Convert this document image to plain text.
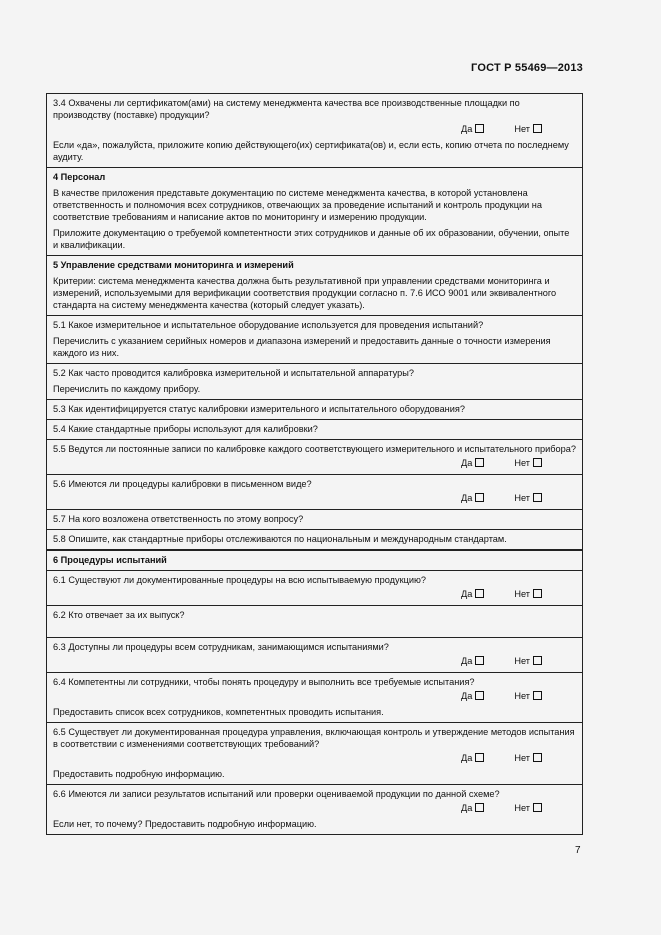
ГОСТ Р 55469—2013
3.4 Охвачены ли сертификатом(ами) на систему менеджмента качества все производственные площадки по производству (поставке) продукции?
Да	Нет
Если «да», пожалуйста, приложите копию действующего(их) сертификата(ов) и, если есть, копию отчета по последнему аудиту.
4 Персонал
В качестве приложения представьте документацию по системе менеджмента качества, в которой установлена ответственность и полномочия всех сотрудников, отвечающих за проведение испытаний и контроль продукции на соответствие требованиям и написание актов по мониторингу и измерению продукции.
Приложите документацию о требуемой компетентности этих сотрудников и данные об их образовании, обучении, опыте и квалификации.
5 Управление средствами мониторинга и измерений
Критерии: система менеджмента качества должна быть результативной при управлении средствами мониторинга и измерений, используемыми для верификации соответствия продукции согласно п. 7.6 ИСО 9001 или эквивалентного стандарта на систему менеджмента качества (который следует указать).
5.1 Какое измерительное и испытательное оборудование используется для проведения испытаний?
Перечислить с указанием серийных номеров и диапазона измерений и предоставить данные о точности измерения каждого из них.
5.2 Как часто проводится калибровка измерительной и испытательной аппаратуры?
Перечислить по каждому прибору.
5.3 Как идентифицируется статус калибровки измерительного и испытательного оборудования?
5.4 Какие стандартные приборы используют для калибровки?
5.5 Ведутся ли постоянные записи по калибровке каждого соответствующего измерительного и испытательного прибора?
Да	Нет
5.6 Имеются ли процедуры калибровки в письменном виде?
Да	Нет
5.7 На кого возложена ответственность по этому вопросу?
5.8 Опишите, как стандартные приборы отслеживаются по национальным и международным стандартам.
6 Процедуры испытаний
6.1 Существуют ли документированные процедуры на всю испытываемую продукцию?
Да	Нет
6.2 Кто отвечает за их выпуск?
6.3 Доступны ли процедуры всем сотрудникам, занимающимся испытаниями?
Да	Нет
6.4 Компетентны ли сотрудники, чтобы понять процедуру и выполнить все требуемые испытания?
Да	Нет
Предоставить список всех сотрудников, компетентных проводить испытания.
6.5 Существует ли документированная процедура управления, включающая контроль и утверждение методов испытания в соответствии с изменениями соответствующих требований?
Да	Нет
Предоставить подробную информацию.
6.6 Имеются ли записи результатов испытаний или проверки оцениваемой продукции по данной схеме?
Да	Нет
Если нет, то почему? Предоставить подробную информацию.
7
